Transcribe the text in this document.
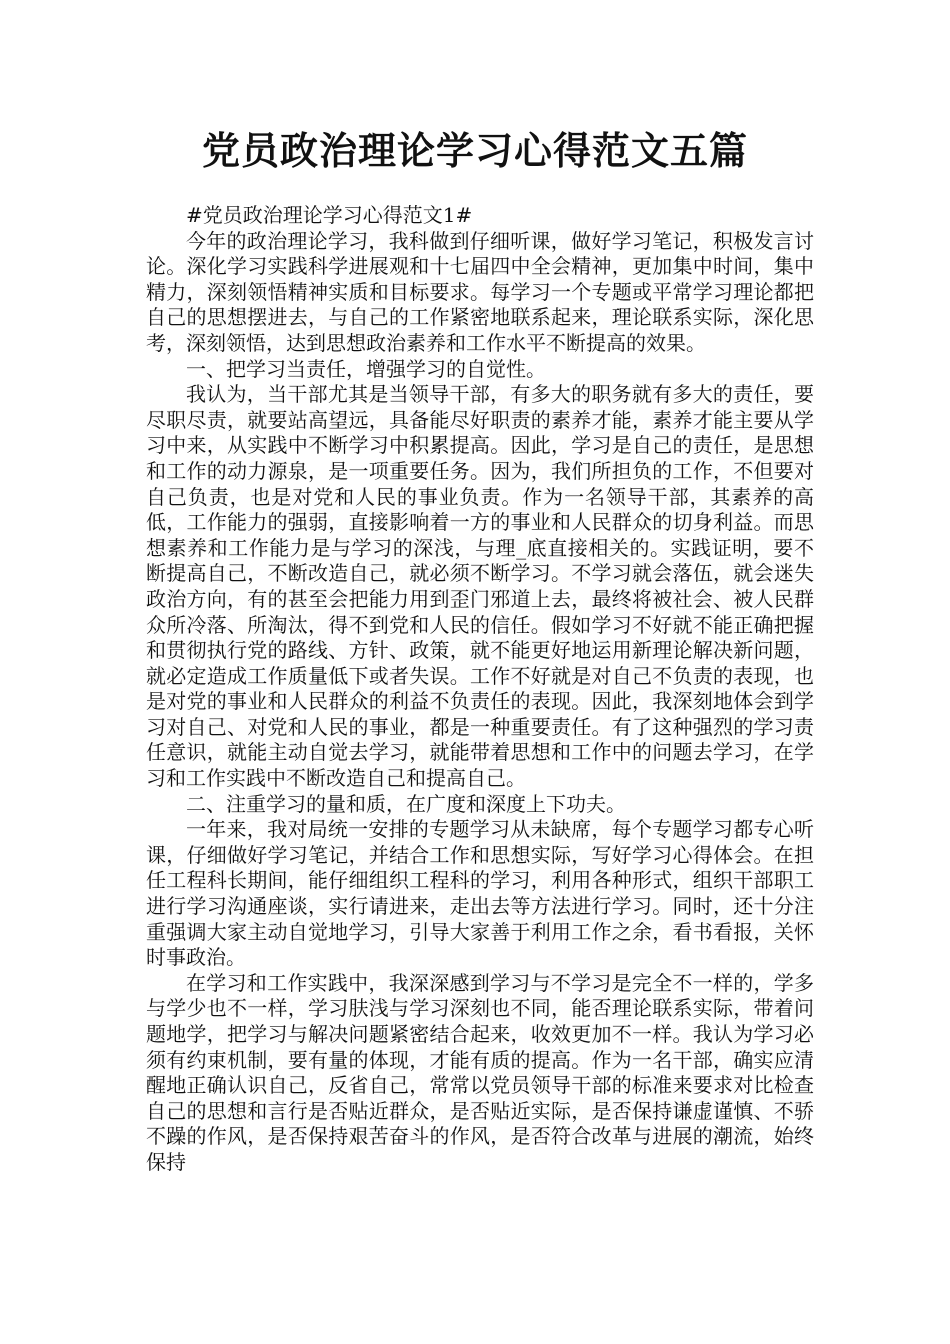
党员政治理论学习心得范文五篇

#党员政治理论学习心得范文1#

今年的政治理论学习，我科做到仔细听课，做好学习笔记，积极发言讨论。深化学习实践科学进展观和十七届四中全会精神，更加集中时间，集中精力，深刻领悟精神实质和目标要求。每学习一个专题或平常学习理论都把自己的思想摆进去，与自己的工作紧密地联系起来，理论联系实际，深化思考，深刻领悟，达到思想政治素养和工作水平不断提高的效果。

一、把学习当责任，增强学习的自觉性。

我认为，当干部尤其是当领导干部，有多大的职务就有多大的责任，要尽职尽责，就要站高望远，具备能尽好职责的素养才能，素养才能主要从学习中来，从实践中不断学习中积累提高。因此，学习是自己的责任，是思想和工作的动力源泉，是一项重要任务。因为，我们所担负的工作，不但要对自己负责，也是对党和人民的事业负责。作为一名领导干部，其素养的高低，工作能力的强弱，直接影响着一方的事业和人民群众的切身利益。而思想素养和工作能力是与学习的深浅，与理_底直接相关的。实践证明，要不断提高自己，不断改造自己，就必须不断学习。不学习就会落伍，就会迷失政治方向，有的甚至会把能力用到歪门邪道上去，最终将被社会、被人民群众所冷落、所淘汰，得不到党和人民的信任。假如学习不好就不能正确把握和贯彻执行党的路线、方针、政策，就不能更好地运用新理论解决新问题，就必定造成工作质量低下或者失误。工作不好就是对自己不负责的表现，也是对党的事业和人民群众的利益不负责任的表现。因此，我深刻地体会到学习对自己、对党和人民的事业，都是一种重要责任。有了这种强烈的学习责任意识，就能主动自觉去学习，就能带着思想和工作中的问题去学习，在学习和工作实践中不断改造自己和提高自己。

二、注重学习的量和质，在广度和深度上下功夫。

一年来，我对局统一安排的专题学习从未缺席，每个专题学习都专心听课，仔细做好学习笔记，并结合工作和思想实际，写好学习心得体会。在担任工程科长期间，能仔细组织工程科的学习，利用各种形式，组织干部职工进行学习沟通座谈，实行请进来，走出去等方法进行学习。同时，还十分注重强调大家主动自觉地学习，引导大家善于利用工作之余，看书看报，关怀时事政治。

在学习和工作实践中，我深深感到学习与不学习是完全不一样的，学多与学少也不一样，学习肤浅与学习深刻也不同，能否理论联系实际，带着问题地学，把学习与解决问题紧密结合起来，收效更加不一样。我认为学习必须有约束机制，要有量的体现，才能有质的提高。作为一名干部，确实应清醒地正确认识自己，反省自己，常常以党员领导干部的标准来要求对比检查自己的思想和言行是否贴近群众，是否贴近实际，是否保持谦虚谨慎、不骄不躁的作风，是否保持艰苦奋斗的作风，是否符合改革与进展的潮流，始终保持
